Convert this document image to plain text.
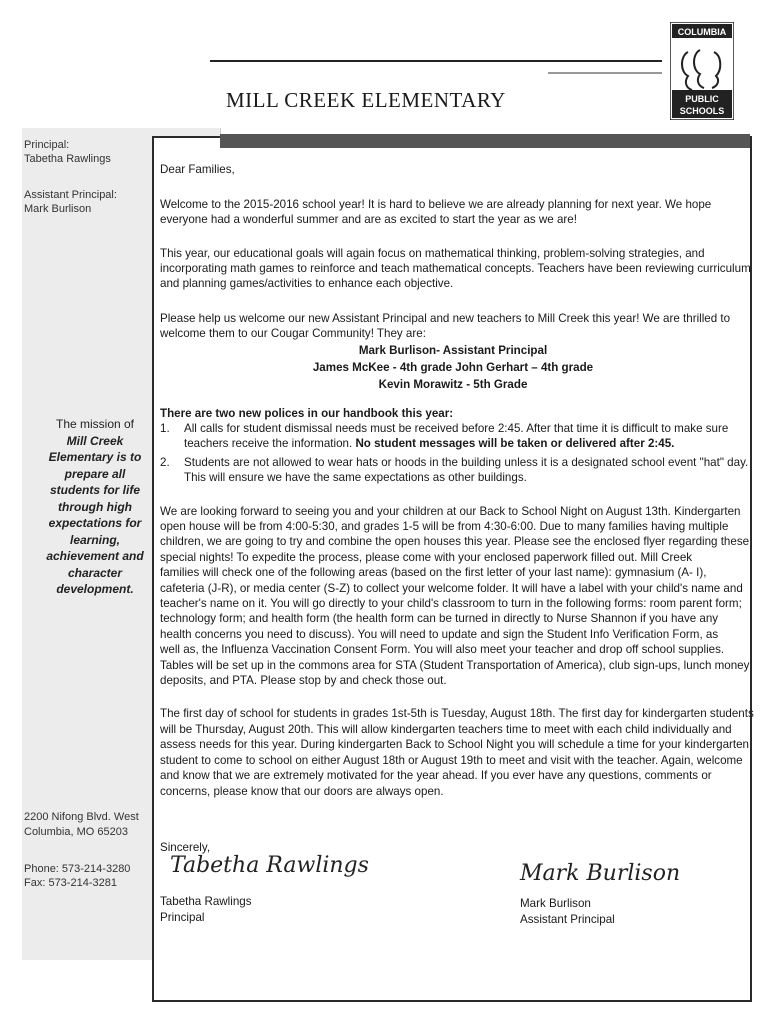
Principal:
Tabetha Rawlings
Assistant Principal:
Mark Burlison
The mission of
Mill Creek
Elementary is to
prepare all
students for life
through high
expectations for
learning,
achievement and
character
development.
2200 Nifong Blvd. West
Columbia, MO 65203
Phone: 573-214-3280
Fax: 573-214-3281
MILL CREEK ELEMENTARY
COLUMBIA
PUBLIC
SCHOOLS
Dear Families,
Welcome to the 2015-2016 school year! It is hard to believe we are already planning for next year. We hope
everyone had a wonderful summer and are as excited to start the year as we are!
This year, our educational goals will again focus on mathematical thinking, problem-solving strategies, and
incorporating math games to reinforce and teach mathematical concepts. Teachers have been reviewing curriculum
and planning games/activities to enhance each objective.
Please help us welcome our new Assistant Principal and new teachers to Mill Creek this year! We are thrilled to
welcome them to our Cougar Community! They are:
Mark Burlison- Assistant Principal
James McKee - 4th grade John Gerhart – 4th grade
Kevin Morawitz - 5th Grade
There are two new polices in our handbook this year:
1. All calls for student dismissal needs must be received before 2:45. After that time it is difficult to make sure
teachers receive the information. No student messages will be taken or delivered after 2:45.
2. Students are not allowed to wear hats or hoods in the building unless it is a designated school event "hat" day.
This will ensure we have the same expectations as other buildings.
We are looking forward to seeing you and your children at our Back to School Night on August 13th. Kindergarten
open house will be from 4:00-5:30, and grades 1-5 will be from 4:30-6:00. Due to many families having multiple
children, we are going to try and combine the open houses this year. Please see the enclosed flyer regarding these
special nights! To expedite the process, please come with your enclosed paperwork filled out. Mill Creek
families will check one of the following areas (based on the first letter of your last name): gymnasium (A- I),
cafeteria (J-R), or media center (S-Z) to collect your welcome folder. It will have a label with your child's name and
teacher's name on it. You will go directly to your child's classroom to turn in the following forms: room parent form;
technology form; and health form (the health form can be turned in directly to Nurse Shannon if you have any
health concerns you need to discuss). You will need to update and sign the Student Info Verification Form, as
well as, the Influenza Vaccination Consent Form. You will also meet your teacher and drop off school supplies.
Tables will be set up in the commons area for STA (Student Transportation of America), club sign-ups, lunch money
deposits, and PTA. Please stop by and check those out.
The first day of school for students in grades 1st-5th is Tuesday, August 18th. The first day for kindergarten students
will be Thursday, August 20th. This will allow kindergarten teachers time to meet with each child individually and
assess needs for this year. During kindergarten Back to School Night you will schedule a time for your kindergarten
student to come to school on either August 18th or August 19th to meet and visit with the teacher. Again, welcome
and know that we are extremely motivated for the year ahead. If you ever have any questions, comments or
concerns, please know that our doors are always open.
Sincerely,
Tabetha Rawlings	Mark Burlison
Tabetha Rawlings
Principal
Mark Burlison
Assistant Principal
